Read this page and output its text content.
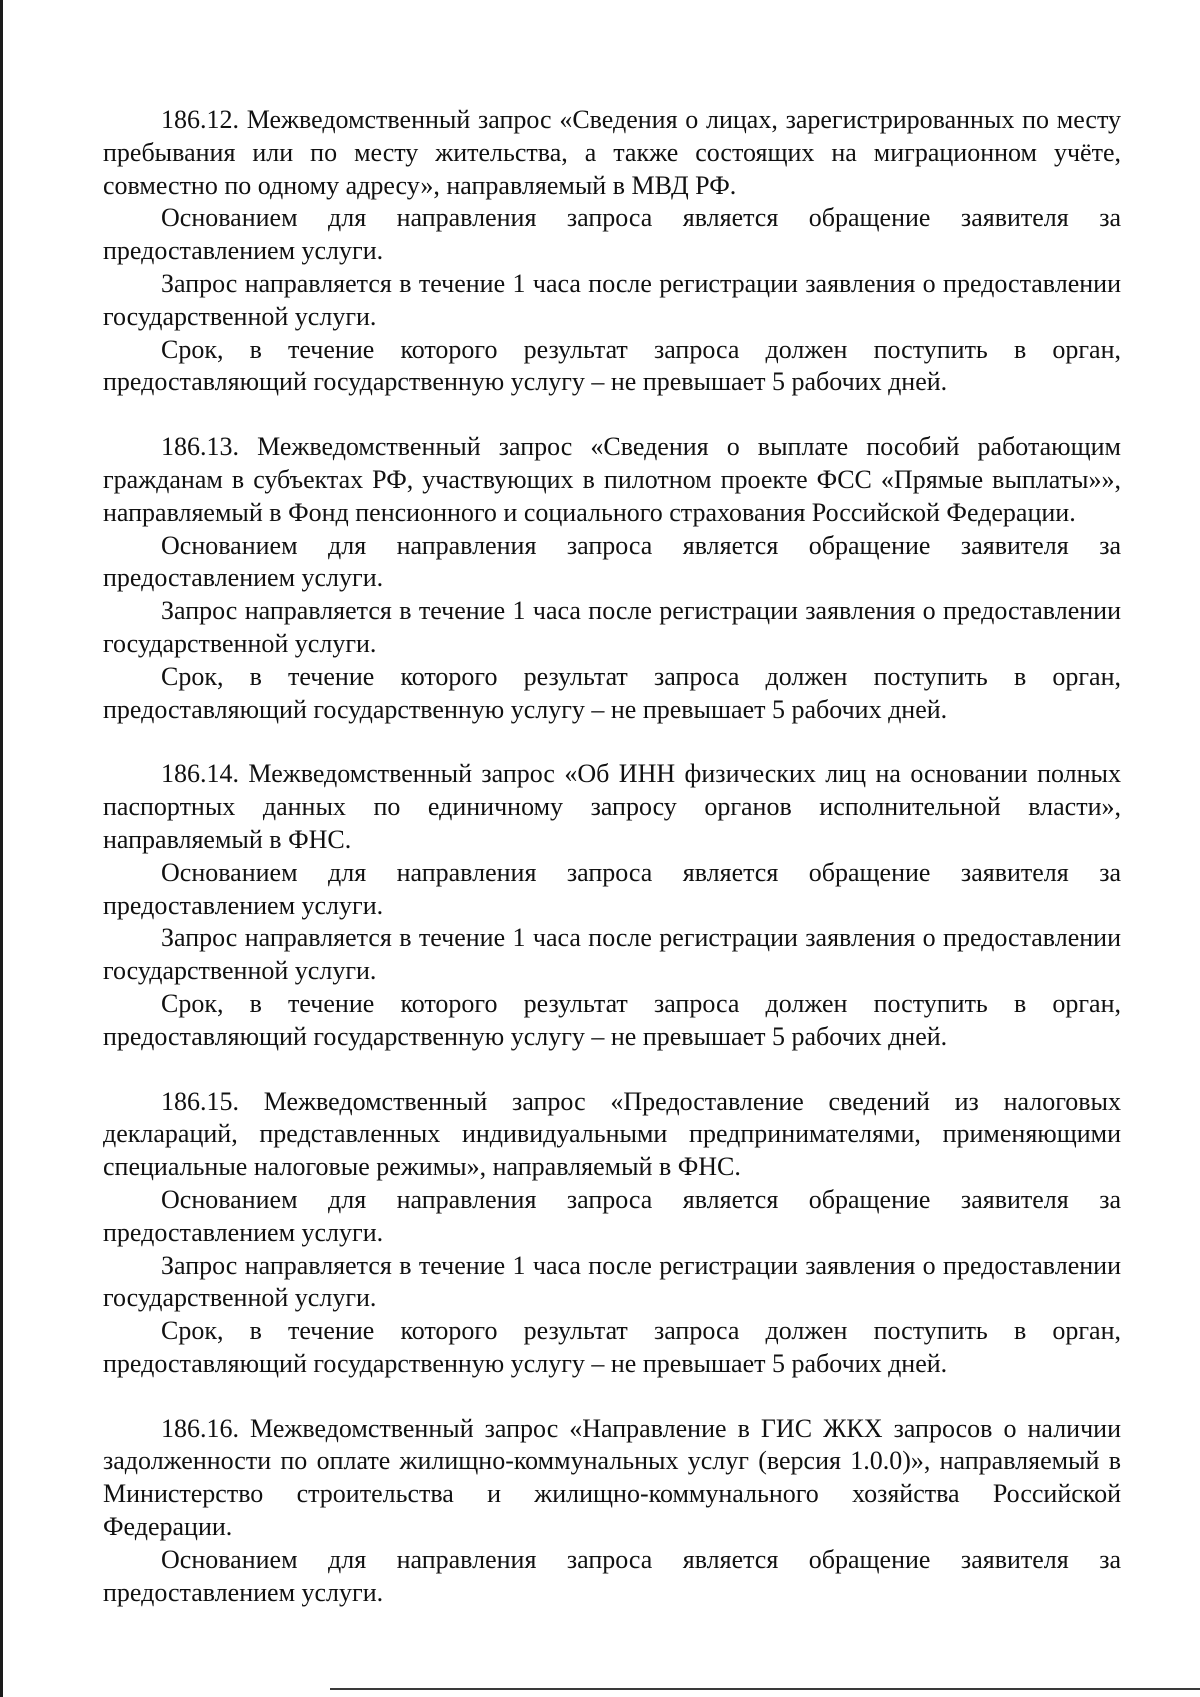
186.12. Межведомственный запрос «Сведения о лицах, зарегистрированных по месту пребывания или по месту жительства, а также состоящих на миграционном учёте, совместно по одному адресу», направляемый в МВД РФ.

Основанием для направления запроса является обращение заявителя за предоставлением услуги.

Запрос направляется в течение 1 часа после регистрации заявления о предоставлении государственной услуги.

Срок, в течение которого результат запроса должен поступить в орган, предоставляющий государственную услугу – не превышает 5 рабочих дней.

186.13. Межведомственный запрос «Сведения о выплате пособий работающим гражданам в субъектах РФ, участвующих в пилотном проекте ФСС «Прямые выплаты»», направляемый в Фонд пенсионного и социального страхования Российской Федерации.

Основанием для направления запроса является обращение заявителя за предоставлением услуги.

Запрос направляется в течение 1 часа после регистрации заявления о предоставлении государственной услуги.

Срок, в течение которого результат запроса должен поступить в орган, предоставляющий государственную услугу – не превышает 5 рабочих дней.

186.14. Межведомственный запрос «Об ИНН физических лиц на основании полных паспортных данных по единичному запросу органов исполнительной власти», направляемый в ФНС.

Основанием для направления запроса является обращение заявителя за предоставлением услуги.

Запрос направляется в течение 1 часа после регистрации заявления о предоставлении государственной услуги.

Срок, в течение которого результат запроса должен поступить в орган, предоставляющий государственную услугу – не превышает 5 рабочих дней.

186.15. Межведомственный запрос «Предоставление сведений из налоговых деклараций, представленных индивидуальными предпринимателями, применяющими специальные налоговые режимы», направляемый в ФНС.

Основанием для направления запроса является обращение заявителя за предоставлением услуги.

Запрос направляется в течение 1 часа после регистрации заявления о предоставлении государственной услуги.

Срок, в течение которого результат запроса должен поступить в орган, предоставляющий государственную услугу – не превышает 5 рабочих дней.

186.16. Межведомственный запрос «Направление в ГИС ЖКХ запросов о наличии задолженности по оплате жилищно-коммунальных услуг (версия 1.0.0)», направляемый в Министерство строительства и жилищно-коммунального хозяйства Российской Федерации.

Основанием для направления запроса является обращение заявителя за предоставлением услуги.
